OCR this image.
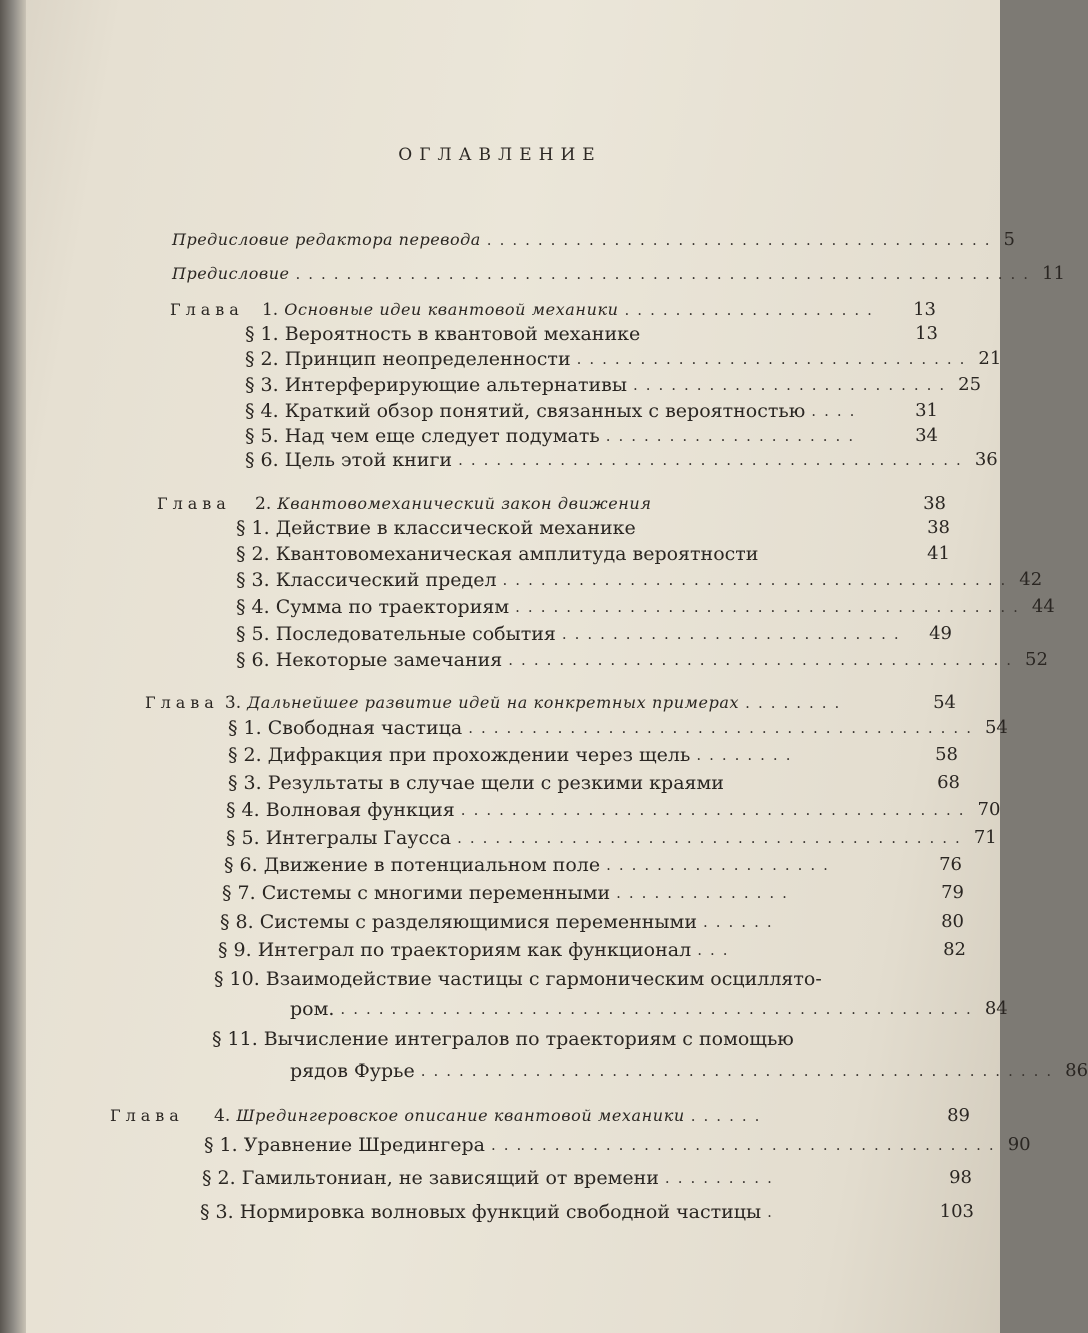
ОГЛАВЛЕНИЕ
Предисловие редактора перевода ........................................ 5
Предисловие .......................................................... 11
Глава 1. Основные идеи квантовой механики ....................	13
§ 1. Вероятность в квантовой механике	13
§ 2. Принцип неопределенности ............................... 21
§ 3. Интерферирующие альтернативы ......................... 25
§ 4. Краткий обзор понятий, связанных с вероятностью ....	31
§ 5. Над чем еще следует подумать ....................	34
§ 6. Цель этой книги ........................................ 36
Глава 2. Квантовомеханический закон движения	38
§ 1. Действие в классической механике	38
§ 2. Квантовомеханическая амплитуда вероятности	41
§ 3. Классический предел ........................................ 42
§ 4. Сумма по траекториям ........................................ 44
§ 5. Последовательные события ...........................	49
§ 6. Некоторые замечания ........................................ 52
Глава 3. Дальнейшее развитие идей на конкретных примерах ........	54
§ 1. Свободная частица ........................................ 54
§ 2. Дифракция при прохождении через щель ........	58
§ 3. Результаты в случае щели с резкими краями	68
§ 4. Волновая функция ........................................ 70
§ 5. Интегралы Гаусса ........................................ 71
§ 6. Движение в потенциальном поле ..................	76
§ 7. Системы с многими переменными ..............	79
§ 8. Системы с разделяющимися переменными ......	80
§ 9. Интеграл по траекториям как функционал ...	82
§ 10. Взаимодействие частицы с гармоническим осциллято-
ром. .................................................. 84
§ 11. Вычисление интегралов по траекториям с помощью
рядов Фурье .................................................. 86
Глава 4. Шредингеровское описание квантовой механики ......	89
§ 1. Уравнение Шредингера ........................................ 90
§ 2. Гамильтониан, не зависящий от времени .........	98
§ 3. Нормировка волновых функций свободной частицы .	103
